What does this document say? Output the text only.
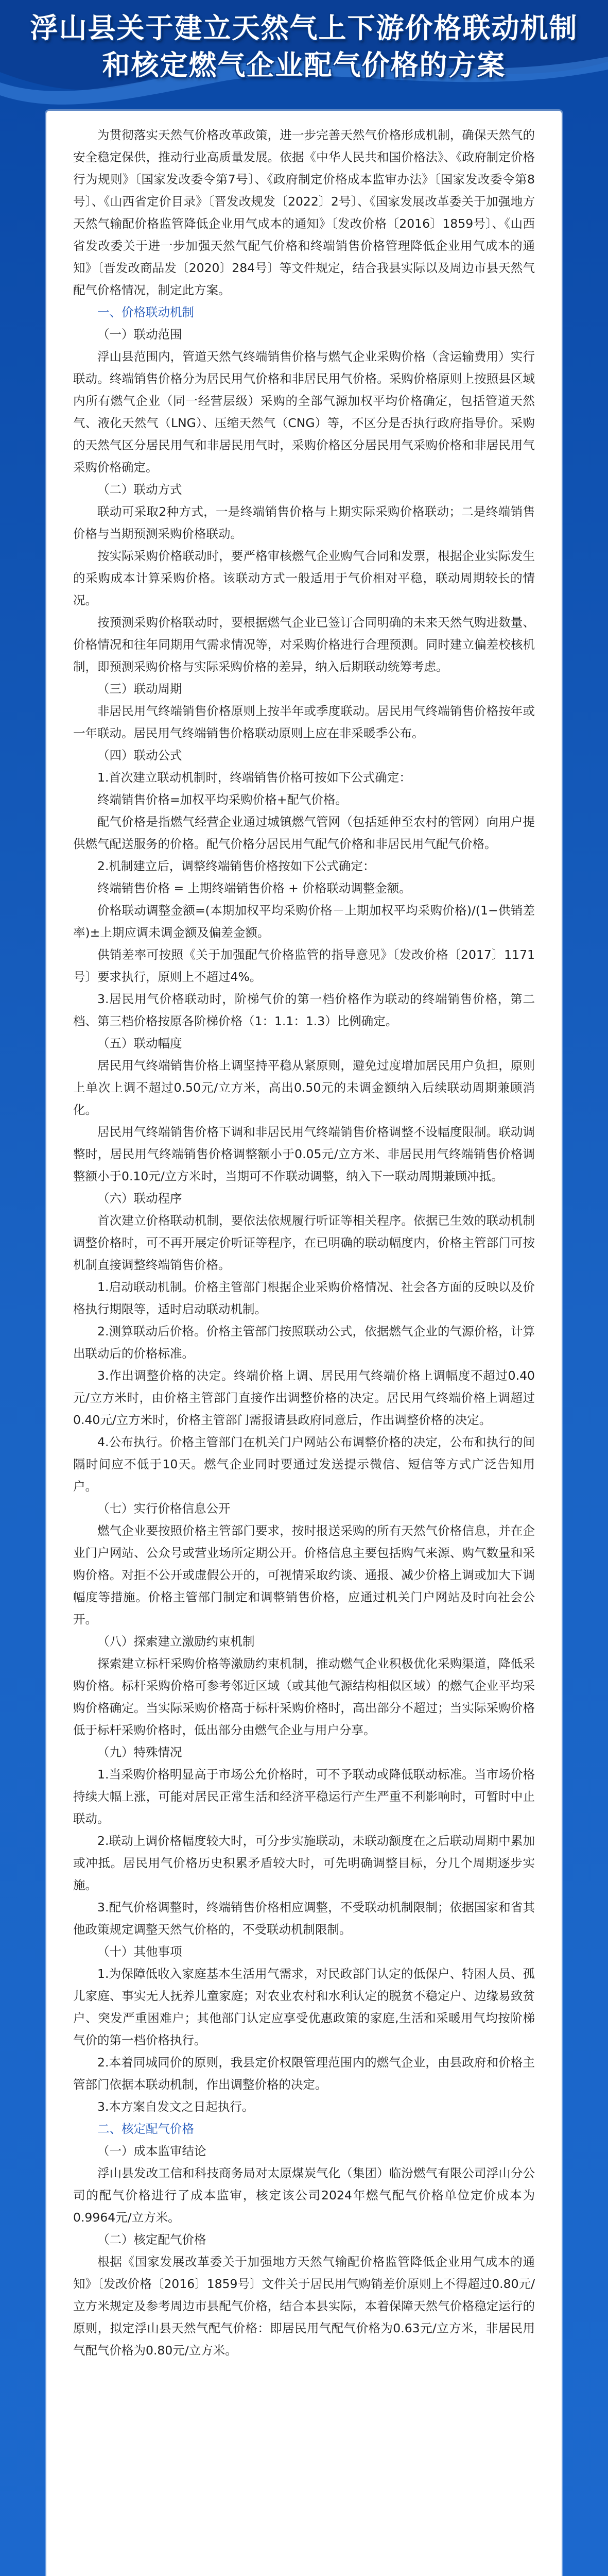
浮山县关于建立天然气上下游价格联动机制
和核定燃气企业配气价格的方案

为贯彻落实天然气价格改革政策，进一步完善天然气价格形成机制，确保天然气的安全稳定保供，推动行业高质量发展。依据《中华人民共和国价格法》、《政府制定价格行为规则》〔国家发改委令第7号〕、《政府制定价格成本监审办法》〔国家发改委令第8号〕、《山西省定价目录》〔晋发改规发〔2022〕2号〕、《国家发展改革委关于加强地方天然气输配价格监管降低企业用气成本的通知》〔发改价格〔2016〕1859号〕、《山西省发改委关于进一步加强天然气配气价格和终端销售价格管理降低企业用气成本的通知》〔晋发改商品发〔2020〕284号〕等文件规定，结合我县实际以及周边市县天然气配气价格情况，制定此方案。

一、价格联动机制

（一）联动范围

浮山县范围内，管道天然气终端销售价格与燃气企业采购价格（含运输费用）实行联动。终端销售价格分为居民用气价格和非居民用气价格。采购价格原则上按照县区域内所有燃气企业（同一经营层级）采购的全部气源加权平均价格确定，包括管道天然气、液化天然气（LNG）、压缩天然气（CNG）等，不区分是否执行政府指导价。采购的天然气区分居民用气和非居民用气时，采购价格区分居民用气采购价格和非居民用气采购价格确定。

（二）联动方式

联动可采取2种方式，一是终端销售价格与上期实际采购价格联动；二是终端销售价格与当期预测采购价格联动。

按实际采购价格联动时，要严格审核燃气企业购气合同和发票，根据企业实际发生的采购成本计算采购价格。该联动方式一般适用于气价相对平稳，联动周期较长的情况。

按预测采购价格联动时，要根据燃气企业已签订合同明确的未来天然气购进数量、价格情况和往年同期用气需求情况等，对采购价格进行合理预测。同时建立偏差校核机制，即预测采购价格与实际采购价格的差异，纳入后期联动统筹考虑。

（三）联动周期

非居民用气终端销售价格原则上按半年或季度联动。居民用气终端销售价格按年或一年联动。居民用气终端销售价格联动原则上应在非采暖季公布。

（四）联动公式

1.首次建立联动机制时，终端销售价格可按如下公式确定：

终端销售价格=加权平均采购价格+配气价格。

配气价格是指燃气经营企业通过城镇燃气管网（包括延伸至农村的管网）向用户提供燃气配送服务的价格。配气价格分居民用气配气价格和非居民用气配气价格。

2.机制建立后，调整终端销售价格按如下公式确定：

终端销售价格 = 上期终端销售价格 + 价格联动调整金额。

价格联动调整金额=(本期加权平均采购价格－上期加权平均采购价格)/(1−供销差率)±上期应调未调金额及偏差金额。

供销差率可按照《关于加强配气价格监管的指导意见》〔发改价格〔2017〕1171号〕要求执行，原则上不超过4%。

3.居民用气价格联动时，阶梯气价的第一档价格作为联动的终端销售价格，第二档、第三档价格按原各阶梯价格（1：1.1：1.3）比例确定。

（五）联动幅度

居民用气终端销售价格上调坚持平稳从紧原则，避免过度增加居民用户负担，原则上单次上调不超过0.50元/立方米，高出0.50元的未调金额纳入后续联动周期兼顾消化。

居民用气终端销售价格下调和非居民用气终端销售价格调整不设幅度限制。联动调整时，居民用气终端销售价格调整额小于0.05元/立方米、非居民用气终端销售价格调整额小于0.10元/立方米时，当期可不作联动调整，纳入下一联动周期兼顾冲抵。

（六）联动程序

首次建立价格联动机制，要依法依规履行听证等相关程序。依据已生效的联动机制调整价格时，可不再开展定价听证等程序，在已明确的联动幅度内，价格主管部门可按机制直接调整终端销售价格。

1.启动联动机制。价格主管部门根据企业采购价格情况、社会各方面的反映以及价格执行期限等，适时启动联动机制。

2.测算联动后价格。价格主管部门按照联动公式，依据燃气企业的气源价格，计算出联动后的价格标准。

3.作出调整价格的决定。终端价格上调、居民用气终端价格上调幅度不超过0.40元/立方米时，由价格主管部门直接作出调整价格的决定。居民用气终端价格上调超过0.40元/立方米时，价格主管部门需报请县政府同意后，作出调整价格的决定。

4.公布执行。价格主管部门在机关门户网站公布调整价格的决定，公布和执行的间隔时间应不低于10天。燃气企业同时要通过发送提示微信、短信等方式广泛告知用户。

（七）实行价格信息公开

燃气企业要按照价格主管部门要求，按时报送采购的所有天然气价格信息，并在企业门户网站、公众号或营业场所定期公开。价格信息主要包括购气来源、购气数量和采购价格。对拒不公开或虚假公开的，可视情采取约谈、通报、减少价格上调或加大下调幅度等措施。价格主管部门制定和调整销售价格，应通过机关门户网站及时向社会公开。

（八）探索建立激励约束机制

探索建立标杆采购价格等激励约束机制，推动燃气企业积极优化采购渠道，降低采购价格。标杆采购价格可参考邻近区域（或其他气源结构相似区域）的燃气企业平均采购价格确定。当实际采购价格高于标杆采购价格时，高出部分不超过；当实际采购价格低于标杆采购价格时，低出部分由燃气企业与用户分享。

（九）特殊情况

1.当采购价格明显高于市场公允价格时，可不予联动或降低联动标准。当市场价格持续大幅上涨，可能对居民正常生活和经济平稳运行产生严重不利影响时，可暂时中止联动。

2.联动上调价格幅度较大时，可分步实施联动，未联动额度在之后联动周期中累加或冲抵。居民用气价格历史积累矛盾较大时，可先明确调整目标，分几个周期逐步实施。

3.配气价格调整时，终端销售价格相应调整，不受联动机制限制；依据国家和省其他政策规定调整天然气价格的，不受联动机制限制。

（十）其他事项

1.为保障低收入家庭基本生活用气需求，对民政部门认定的低保户、特困人员、孤儿家庭、事实无人抚养儿童家庭；对农业农村和水利认定的脱贫不稳定户、边缘易致贫户、突发严重困难户；其他部门认定应享受优惠政策的家庭,生活和采暖用气均按阶梯气价的第一档价格执行。

2.本着同城同价的原则，我县定价权限管理范围内的燃气企业，由县政府和价格主管部门依据本联动机制，作出调整价格的决定。

3.本方案自发文之日起执行。

二、核定配气价格

（一）成本监审结论

浮山县发改工信和科技商务局对太原煤炭气化（集团）临汾燃气有限公司浮山分公司的配气价格进行了成本监审，核定该公司2024年燃气配气价格单位定价成本为0.9964元/立方米。

（二）核定配气价格

根据《国家发展改革委关于加强地方天然气输配价格监管降低企业用气成本的通知》〔发改价格〔2016〕1859号〕文件关于居民用气购销差价原则上不得超过0.80元/立方米规定及参考周边市县配气价格，结合本县实际，本着保障天然气价格稳定运行的原则，拟定浮山县天然气配气价格：即居民用气配气价格为0.63元/立方米，非居民用气配气价格为0.80元/立方米。
